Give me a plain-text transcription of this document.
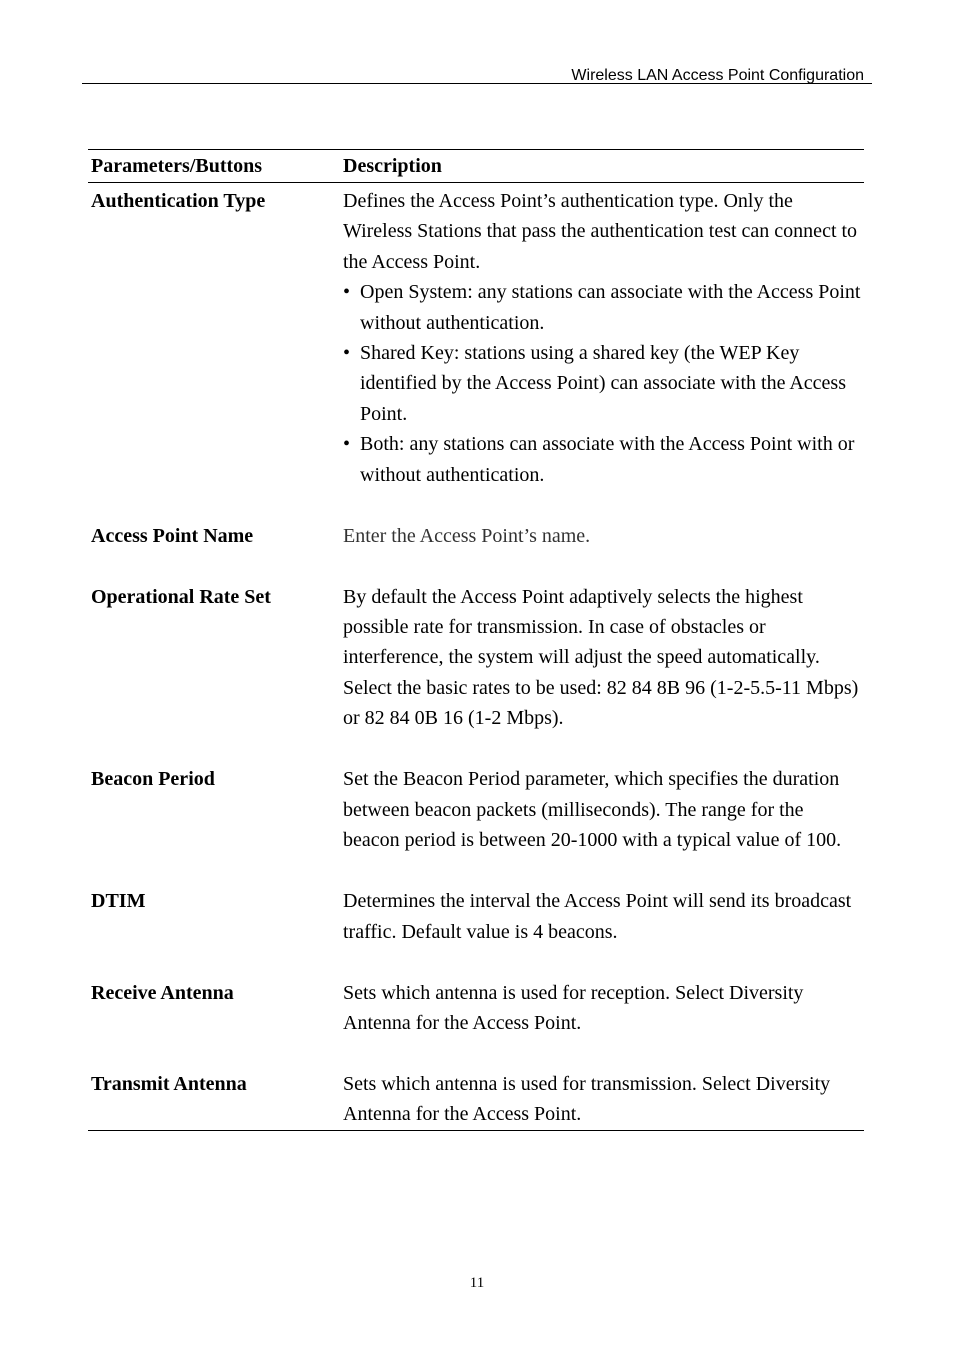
Wireless LAN Access Point Configuration
Parameters/Buttons	Description
Authentication Type	Defines the Access Point’s authentication type. Only the Wireless Stations that pass the authentication test can connect to the Access Point.

• Open System: any stations can associate with the Access Point without authentication.
• Shared Key: stations using a shared key (the WEP Key identified by the Access Point) can associate with the Access Point.
• Both: any stations can associate with the Access Point with or without authentication.
Access Point Name	Enter the Access Point’s name.
Operational Rate Set	By default the Access Point adaptively selects the highest possible rate for transmission. In case of obstacles or interference, the system will adjust the speed automatically. Select the basic rates to be used: 82 84 8B 96 (1-2-5.5-11 Mbps) or 82 84 0B 16 (1-2 Mbps).
Beacon Period	Set the Beacon Period parameter, which specifies the duration between beacon packets (milliseconds). The range for the beacon period is between 20-1000 with a typical value of 100.
DTIM	Determines the interval the Access Point will send its broadcast traffic. Default value is 4 beacons.
Receive Antenna	Sets which antenna is used for reception. Select Diversity Antenna for the Access Point.
Transmit Antenna	Sets which antenna is used for transmission. Select Diversity Antenna for the Access Point.
11
